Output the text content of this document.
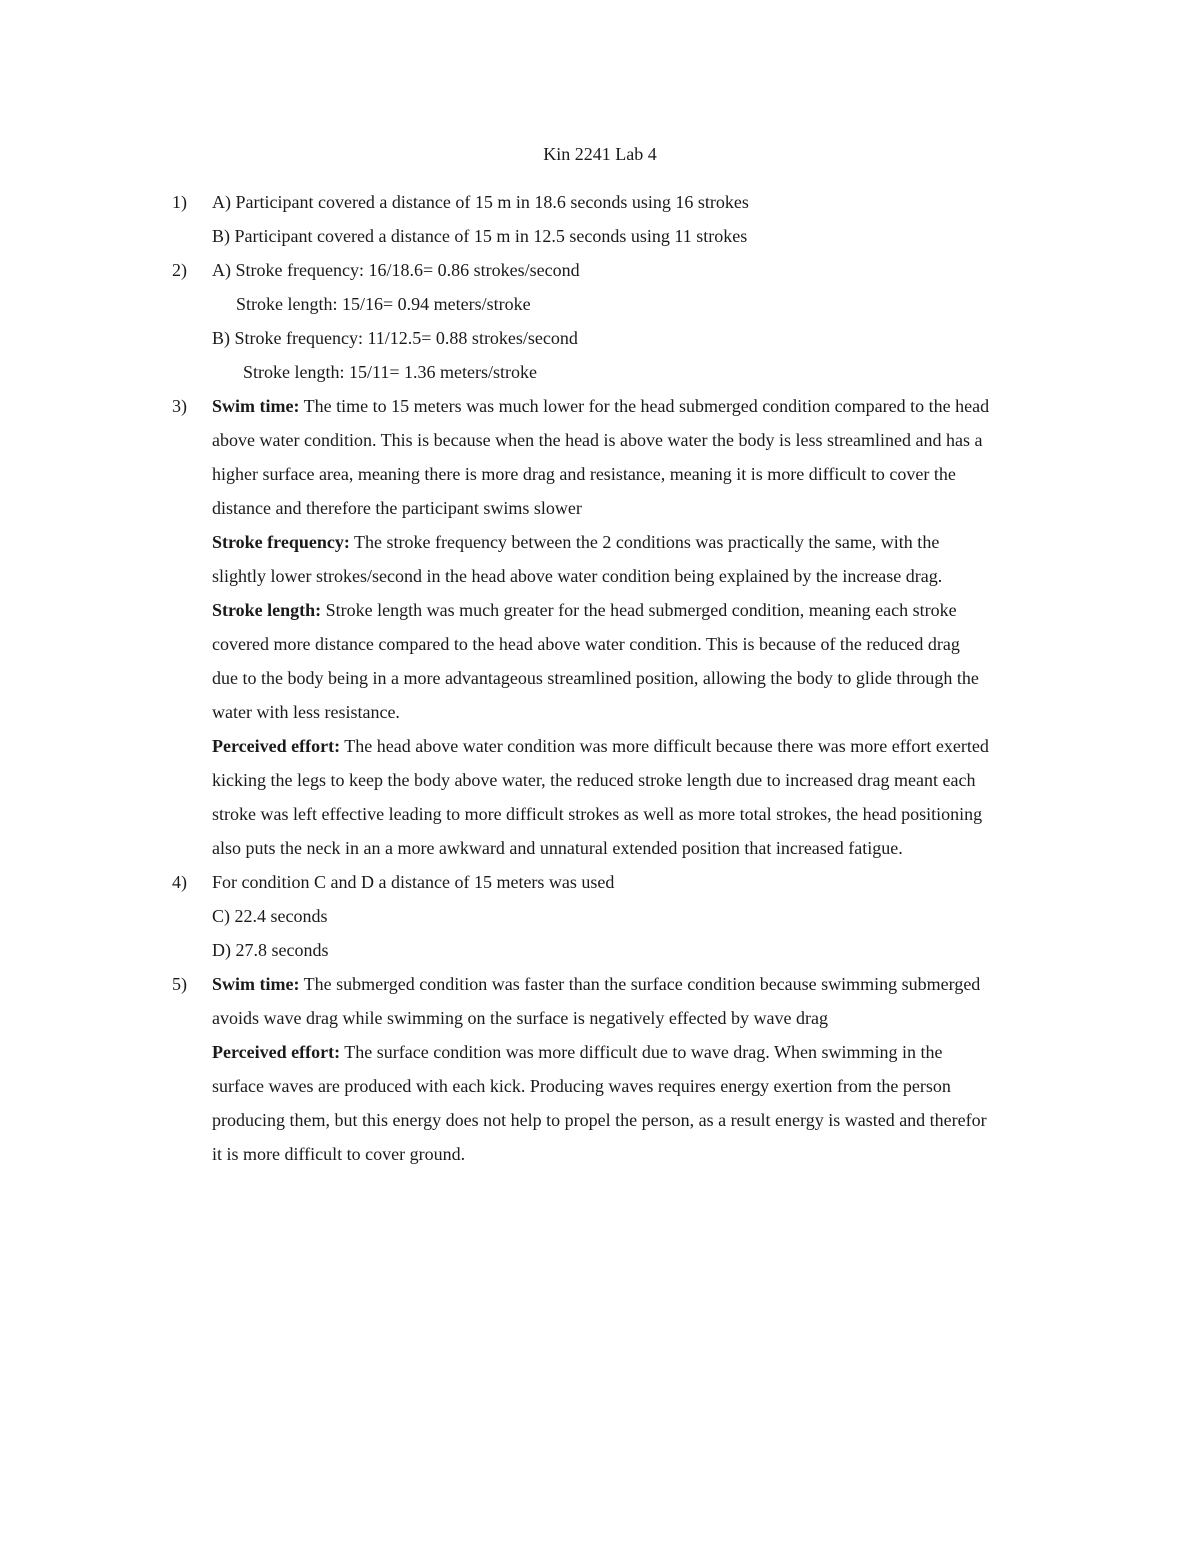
Kin 2241 Lab 4
1) A) Participant covered a distance of 15 m in 18.6 seconds using 16 strokes
B) Participant covered a distance of 15 m in 12.5 seconds using 11 strokes
2) A) Stroke frequency: 16/18.6= 0.86 strokes/second
Stroke length: 15/16= 0.94 meters/stroke
B) Stroke frequency: 11/12.5= 0.88 strokes/second
Stroke length: 15/11= 1.36 meters/stroke
3) Swim time: The time to 15 meters was much lower for the head submerged condition compared to the head
above water condition. This is because when the head is above water the body is less streamlined and has a
higher surface area, meaning there is more drag and resistance, meaning it is more difficult to cover the
distance and therefore the participant swims slower
Stroke frequency: The stroke frequency between the 2 conditions was practically the same, with the
slightly lower strokes/second in the head above water condition being explained by the increase drag.
Stroke length: Stroke length was much greater for the head submerged condition, meaning each stroke
covered more distance compared to the head above water condition. This is because of the reduced drag
due to the body being in a more advantageous streamlined position, allowing the body to glide through the
water with less resistance.
Perceived effort: The head above water condition was more difficult because there was more effort exerted
kicking the legs to keep the body above water, the reduced stroke length due to increased drag meant each
stroke was left effective leading to more difficult strokes as well as more total strokes, the head positioning
also puts the neck in an a more awkward and unnatural extended position that increased fatigue.
4) For condition C and D a distance of 15 meters was used
C) 22.4 seconds
D) 27.8 seconds
5) Swim time: The submerged condition was faster than the surface condition because swimming submerged
avoids wave drag while swimming on the surface is negatively effected by wave drag
Perceived effort: The surface condition was more difficult due to wave drag. When swimming in the
surface waves are produced with each kick. Producing waves requires energy exertion from the person
producing them, but this energy does not help to propel the person, as a result energy is wasted and therefor
it is more difficult to cover ground.
